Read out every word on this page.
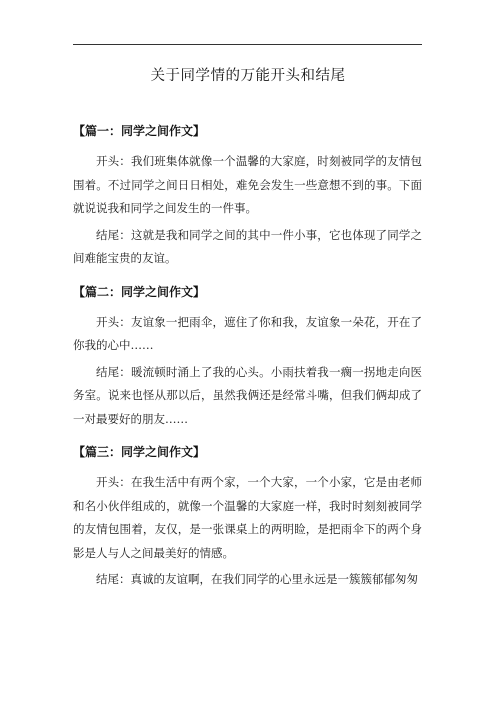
关于同学情的万能开头和结尾
【篇一：同学之间作文】

开头：我们班集体就像一个温馨的大家庭，时刻被同学的友情包围着。不过同学之间日日相处，难免会发生一些意想不到的事。下面就说说我和同学之间发生的一件事。

结尾：这就是我和同学之间的其中一件小事，它也体现了同学之间难能宝贵的友谊。

【篇二：同学之间作文】

开头：友谊象一把雨伞，遮住了你和我，友谊象一朵花，开在了你我的心中……

结尾：暖流顿时涌上了我的心头。小雨扶着我一瘸一拐地走向医务室。说来也怪从那以后，虽然我俩还是经常斗嘴，但我们俩却成了一对最要好的朋友……

【篇三：同学之间作文】

开头：在我生活中有两个家，一个大家，一个小家，它是由老师和名小伙伴组成的，就像一个温馨的大家庭一样，我时时刻刻被同学的友情包围着，友仅，是一张课桌上的两明睑，是把雨伞下的两个身影是人与人之间最美好的情感。

结尾：真诚的友谊啊，在我们同学的心里永远是一簇簇郁郁匆匆
